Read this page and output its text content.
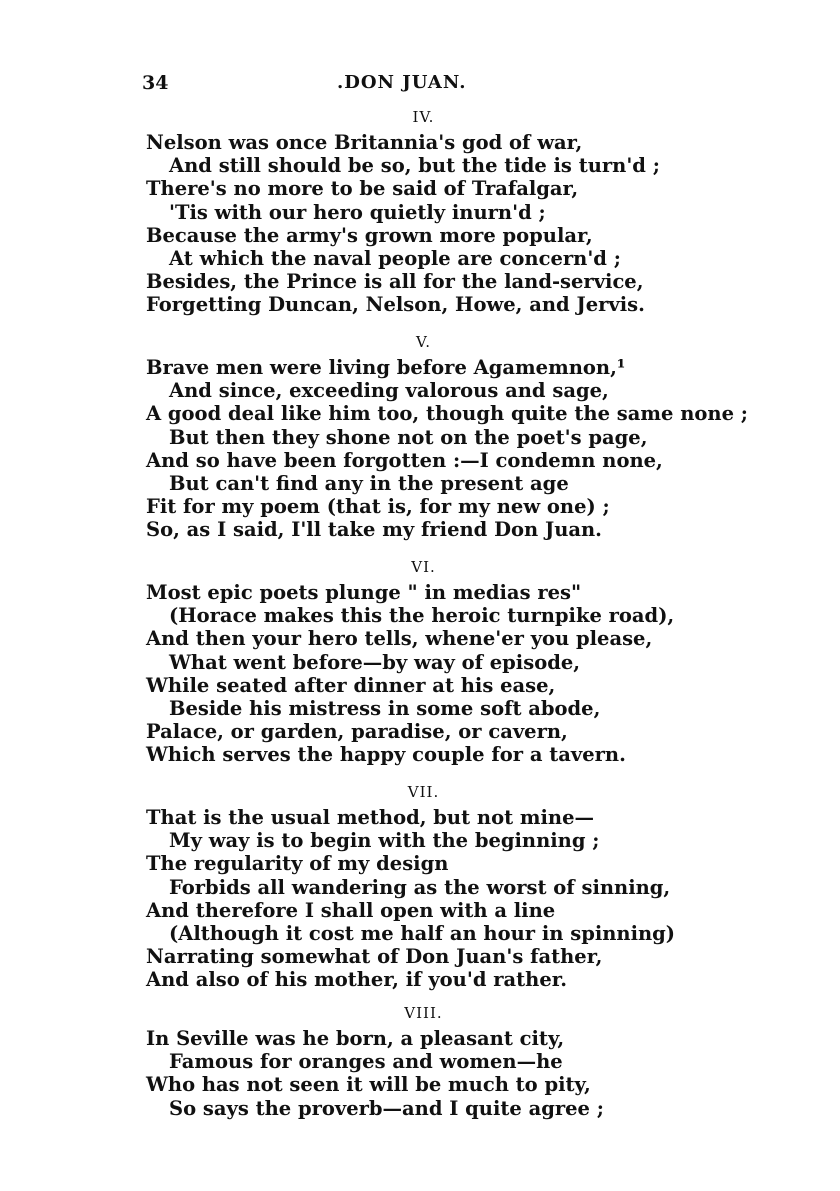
34	.DON JUAN.
IV.
Nelson was once Britannia's god of war,
And still should be so, but the tide is turn'd ;
There's no more to be said of Trafalgar,
'Tis with our hero quietly inurn'd ;
Because the army's grown more popular,
At which the naval people are concern'd ;
Besides, the Prince is all for the land-service,
Forgetting Duncan, Nelson, Howe, and Jervis.
V.
Brave men were living before Agamemnon,¹
And since, exceeding valorous and sage,
A good deal like him too, though quite the same none ;
But then they shone not on the poet's page,
And so have been forgotten :—I condemn none,
But can't find any in the present age
Fit for my poem (that is, for my new one) ;
So, as I said, I'll take my friend Don Juan.
VI.
Most epic poets plunge " in medias res"
(Horace makes this the heroic turnpike road),
And then your hero tells, whene'er you please,
What went before—by way of episode,
While seated after dinner at his ease,
Beside his mistress in some soft abode,
Palace, or garden, paradise, or cavern,
Which serves the happy couple for a tavern.
VII.
That is the usual method, but not mine—
My way is to begin with the beginning ;
The regularity of my design
Forbids all wandering as the worst of sinning,
And therefore I shall open with a line
(Although it cost me half an hour in spinning)
Narrating somewhat of Don Juan's father,
And also of his mother, if you'd rather.
VIII.
In Seville was he born, a pleasant city,
Famous for oranges and women—he
Who has not seen it will be much to pity,
So says the proverb—and I quite agree ;
